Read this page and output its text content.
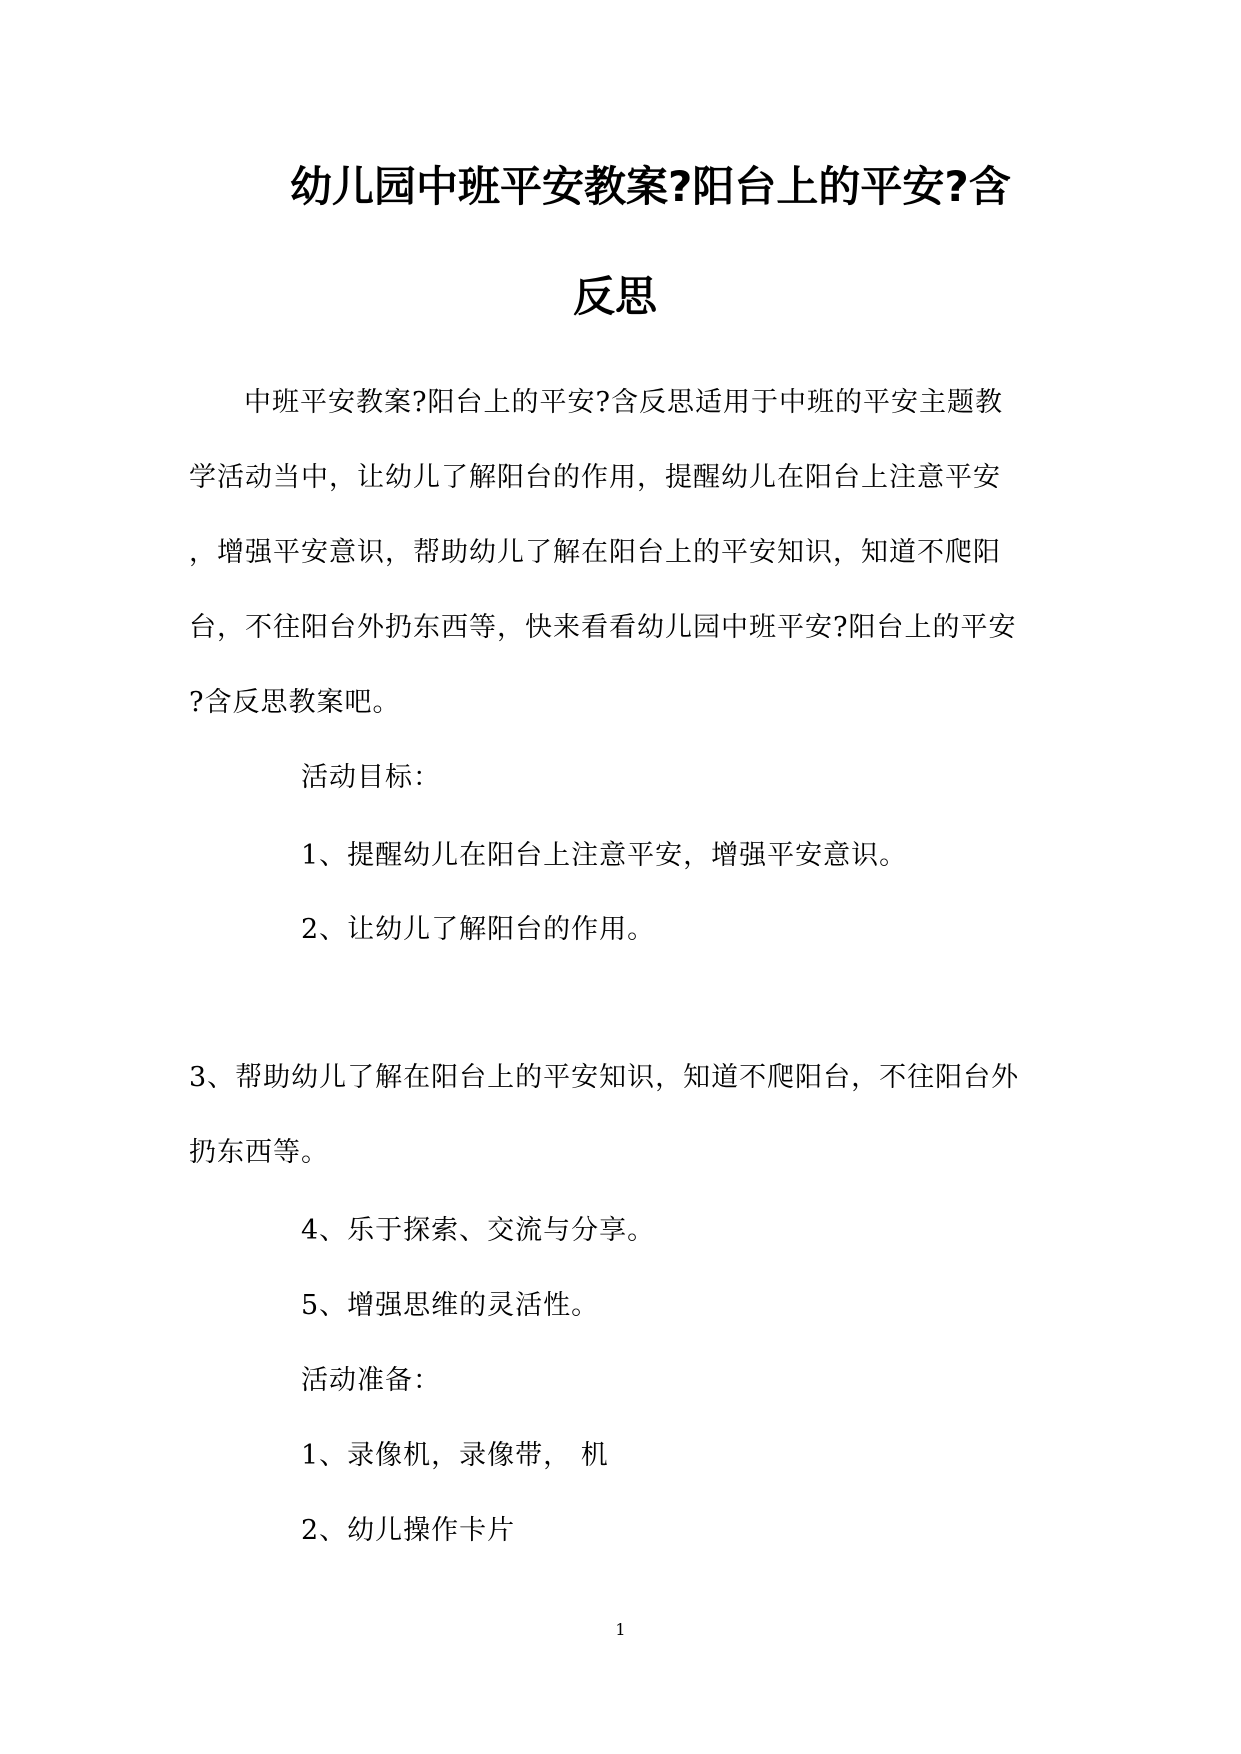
幼儿园中班平安教案?阳台上的平安?含
反思
中班平安教案?阳台上的平安?含反思适用于中班的平安主题教
学活动当中，让幼儿了解阳台的作用，提醒幼儿在阳台上注意平安
，增强平安意识，帮助幼儿了解在阳台上的平安知识，知道不爬阳
台，不往阳台外扔东西等，快来看看幼儿园中班平安?阳台上的平安
?含反思教案吧。
活动目标：
1、提醒幼儿在阳台上注意平安，增强平安意识。
2、让幼儿了解阳台的作用。
3、帮助幼儿了解在阳台上的平安知识，知道不爬阳台，不往阳台外
扔东西等。
4、乐于探索、交流与分享。
5、增强思维的灵活性。
活动准备：
1、录像机，录像带， 机
2、幼儿操作卡片
1
